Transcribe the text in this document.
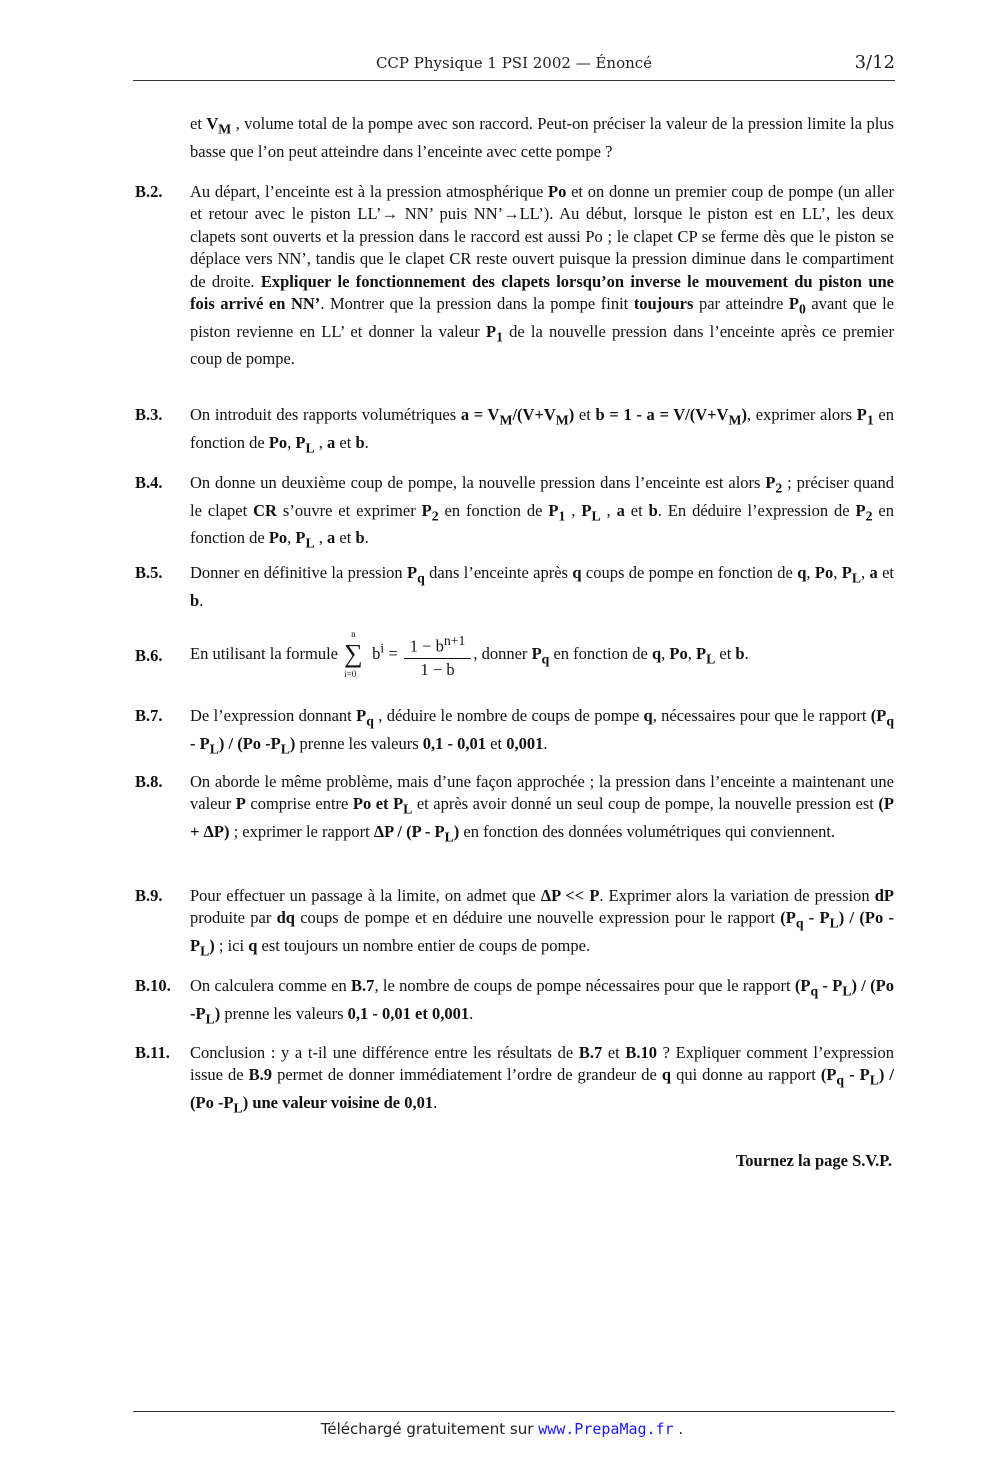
CCP Physique 1 PSI 2002 — Énoncé	3/12
et $V_M$ , volume total de la pompe avec son raccord. Peut-on préciser la valeur de la pression limite la plus basse que l’on peut atteindre dans l’enceinte avec cette pompe ?
B.2. Au départ, l’enceinte est à la pression atmosphérique Po et on donne un premier coup de pompe (un aller et retour avec le piston LL’→ NN’ puis NN’→LL’). Au début, lorsque le piston est en LL’, les deux clapets sont ouverts et la pression dans le raccord est aussi Po ; le clapet CP se ferme dès que le piston se déplace vers NN’, tandis que le clapet CR reste ouvert puisque la pression diminue dans le compartiment de droite. Expliquer le fonctionnement des clapets lorsqu’on inverse le mouvement du piston une fois arrivé en NN’. Montrer que la pression dans la pompe finit toujours par atteindre $P_0$ avant que le piston revienne en LL’ et donner la valeur $P_1$ de la nouvelle pression dans l’enceinte après ce premier coup de pompe.
B.3. On introduit des rapports volumétriques $a = V_M/(V+V_M)$ et $b = 1 - a = V/(V+V_M)$, exprimer alors $P_1$ en fonction de Po, $P_L$ , a et b.
B.4. On donne un deuxième coup de pompe, la nouvelle pression dans l’enceinte est alors $P_2$ ; préciser quand le clapet CR s’ouvre et exprimer $P_2$ en fonction de $P_1$ , $P_L$ , a et b. En déduire l’expression de $P_2$ en fonction de Po, $P_L$ , a et b.
B.5. Donner en définitive la pression $P_q$ dans l’enceinte après q coups de pompe en fonction de q, Po, $P_L$, a et b.
B.6. En utilisant la formule
n
∑
i=0
$b^i = \frac{1 - b^{n+1}}{1 - b}$ , donner $P_q$ en fonction de q, Po, $P_L$ et b.
B.7. De l’expression donnant $P_q$ , déduire le nombre de coups de pompe q, nécessaires pour que le rapport $(P_q - P_L) / (Po$ $-P_L$) prenne les valeurs 0,1 - 0,01 et 0,001.
B.8. On aborde le même problème, mais d’une façon approchée ; la pression dans l’enceinte a maintenant une valeur P comprise entre Po et $P_L$ et après avoir donné un seul coup de pompe, la nouvelle pression est (P + ΔP) ; exprimer le rapport ΔP / $(P - P_L)$ en fonction des données volumétriques qui conviennent.
B.9. Pour effectuer un passage à la limite, on admet que ΔP << P. Exprimer alors la variation de pression dP produite par dq coups de pompe et en déduire une nouvelle expression pour le rapport $(P_q - P_L) / (Po$ $-P_L$) ; ici q est toujours un nombre entier de coups de pompe.
B.10. On calculera comme en B.7, le nombre de coups de pompe nécessaires pour que le rapport $(P_q - P_L) / (Po$ $-P_L$) prenne les valeurs 0,1 - 0,01 et 0,001.
B.11. Conclusion : y a t-il une différence entre les résultats de B.7 et B.10 ? Expliquer comment l’expression issue de B.9 permet de donner immédiatement l’ordre de grandeur de q qui donne au rapport $(P_q - P_L) / (Po$ $-P_L$) une valeur voisine de 0,01.
Tournez la page S.V.P.
Téléchargé gratuitement sur www.PrepaMag.fr .
